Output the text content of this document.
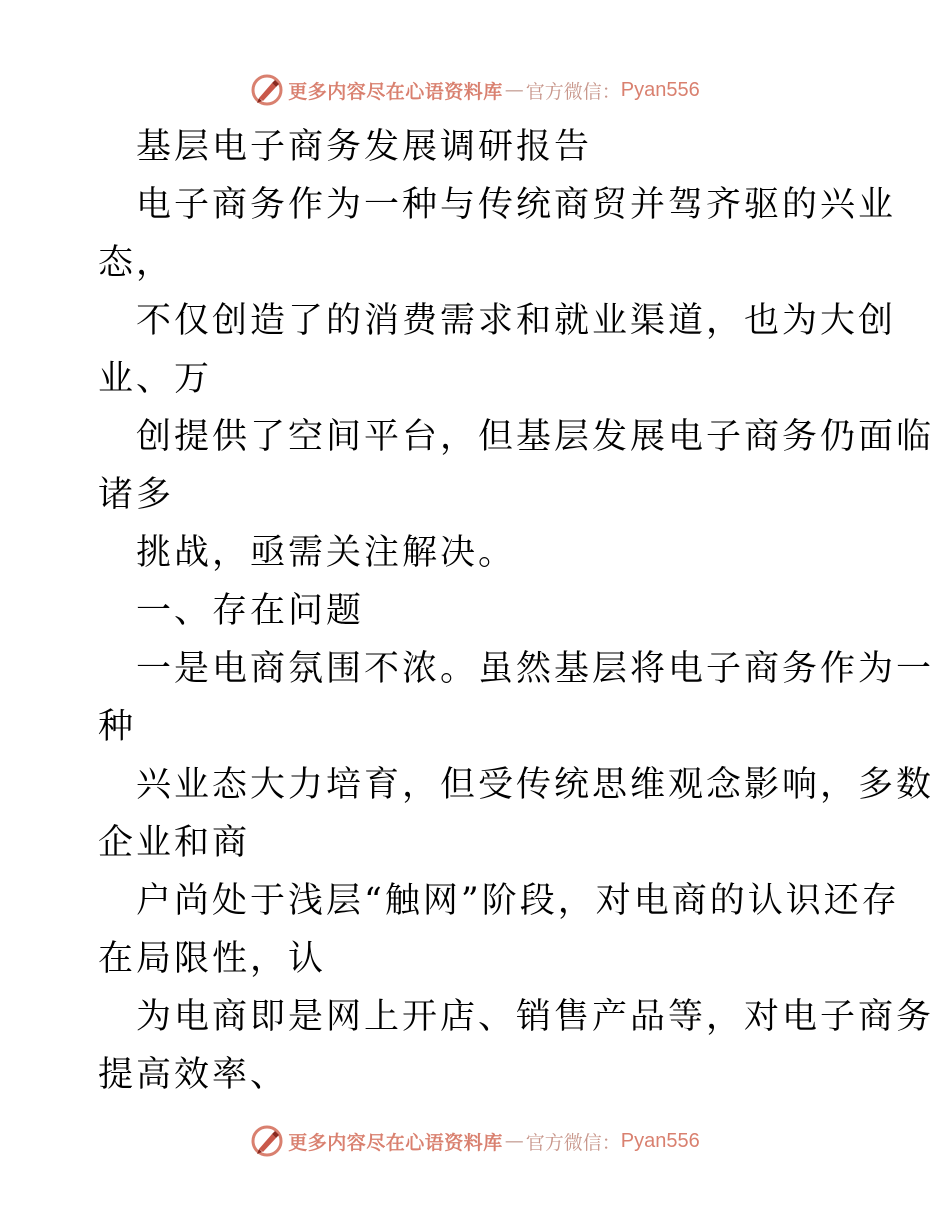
更多内容尽在心语资料库 — 官方微信： Pyan556
基层电子商务发展调研报告
电子商务作为一种与传统商贸并驾齐驱的兴业
态，
不仅创造了的消费需求和就业渠道，也为大创
业、万
创提供了空间平台，但基层发展电子商务仍面临
诸多
挑战，亟需关注解决。
一、存在问题
一是电商氛围不浓。虽然基层将电子商务作为一
种
兴业态大力培育，但受传统思维观念影响，多数
企业和商
户尚处于浅层“触网”阶段，对电商的认识还存
在局限性，认
为电商即是网上开店、销售产品等，对电子商务
提高效率、
更多内容尽在心语资料库 — 官方微信： Pyan556
